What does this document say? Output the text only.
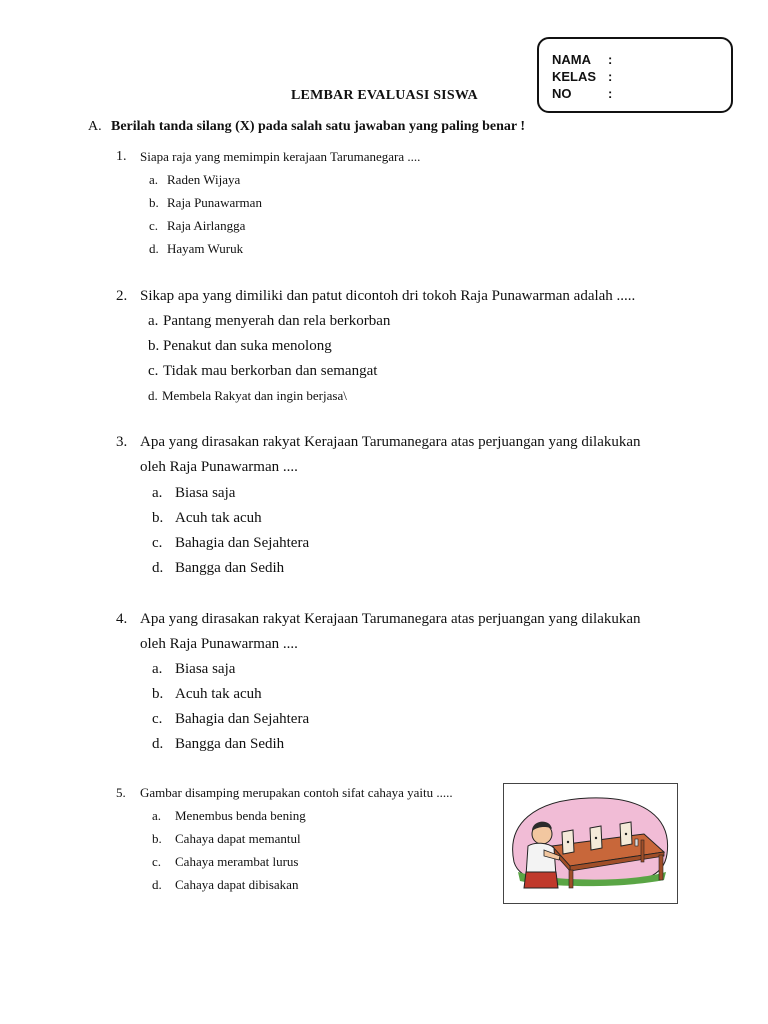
NAMA :
KELAS :
NO	:
LEMBAR EVALUASI SISWA
A. Berilah tanda silang (X) pada salah satu jawaban yang paling benar !
1. Siapa raja yang memimpin kerajaan Tarumanegara ....
a. Raden Wijaya
b. Raja Punawarman
c. Raja Airlangga
d. Hayam Wuruk
2. Sikap apa yang dimiliki dan patut dicontoh dri tokoh Raja Punawarman adalah .....
a. Pantang menyerah dan rela berkorban
b. Penakut dan suka menolong
c. Tidak mau berkorban dan semangat
d. Membela Rakyat dan ingin berjasa\
3. Apa yang dirasakan rakyat Kerajaan Tarumanegara atas perjuangan yang dilakukan
oleh Raja Punawarman ....
a. Biasa saja
b. Acuh tak acuh
c. Bahagia dan Sejahtera
d. Bangga dan Sedih
4. Apa yang dirasakan rakyat Kerajaan Tarumanegara atas perjuangan yang dilakukan
oleh Raja Punawarman ....
a. Biasa saja
b. Acuh tak acuh
c. Bahagia dan Sejahtera
d. Bangga dan Sedih
5. Gambar disamping merupakan contoh sifat cahaya yaitu .....
a. Menembus benda bening
b. Cahaya dapat memantul
c. Cahaya merambat lurus
d. Cahaya dapat dibisakan
